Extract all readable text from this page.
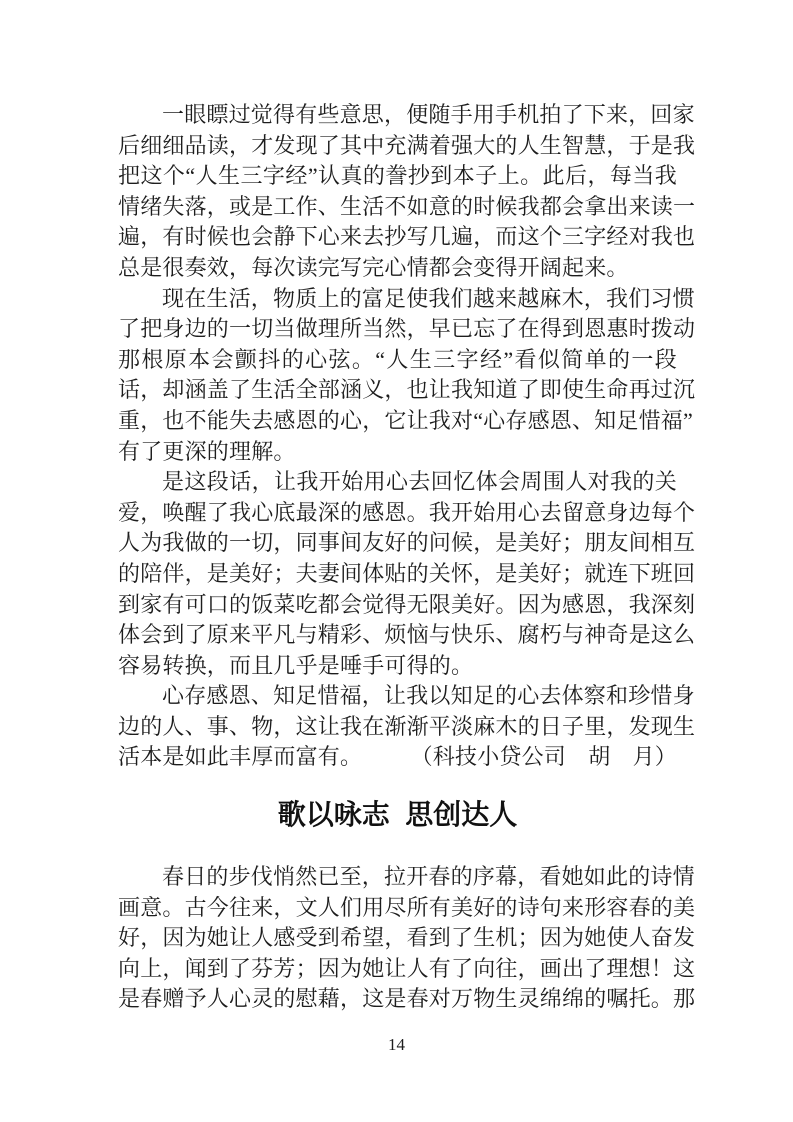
一眼瞟过觉得有些意思，便随手用手机拍了下来，回家
后细细品读，才发现了其中充满着强大的人生智慧，于是我
把这个“人生三字经”认真的誊抄到本子上。此后，每当我
情绪失落，或是工作、生活不如意的时候我都会拿出来读一
遍，有时候也会静下心来去抄写几遍，而这个三字经对我也
总是很奏效，每次读完写完心情都会变得开阔起来。
现在生活，物质上的富足使我们越来越麻木，我们习惯
了把身边的一切当做理所当然，早已忘了在得到恩惠时拨动
那根原本会颤抖的心弦。“人生三字经”看似简单的一段
话，却涵盖了生活全部涵义，也让我知道了即使生命再过沉
重，也不能失去感恩的心，它让我对“心存感恩、知足惜福”
有了更深的理解。
是这段话，让我开始用心去回忆体会周围人对我的关
爱，唤醒了我心底最深的感恩。我开始用心去留意身边每个
人为我做的一切，同事间友好的问候，是美好；朋友间相互
的陪伴，是美好；夫妻间体贴的关怀，是美好；就连下班回
到家有可口的饭菜吃都会觉得无限美好。因为感恩，我深刻
体会到了原来平凡与精彩、烦恼与快乐、腐朽与神奇是这么
容易转换，而且几乎是唾手可得的。
心存感恩、知足惜福，让我以知足的心去体察和珍惜身
边的人、事、物，这让我在渐渐平淡麻木的日子里，发现生
活本是如此丰厚而富有。 （科技小贷公司　胡　月）
歌以咏志  思创达人
春日的步伐悄然已至，拉开春的序幕，看她如此的诗情
画意。古今往来，文人们用尽所有美好的诗句来形容春的美
好，因为她让人感受到希望，看到了生机；因为她使人奋发
向上，闻到了芬芳；因为她让人有了向往，画出了理想！这
是春赠予人心灵的慰藉，这是春对万物生灵绵绵的嘱托。那
14
